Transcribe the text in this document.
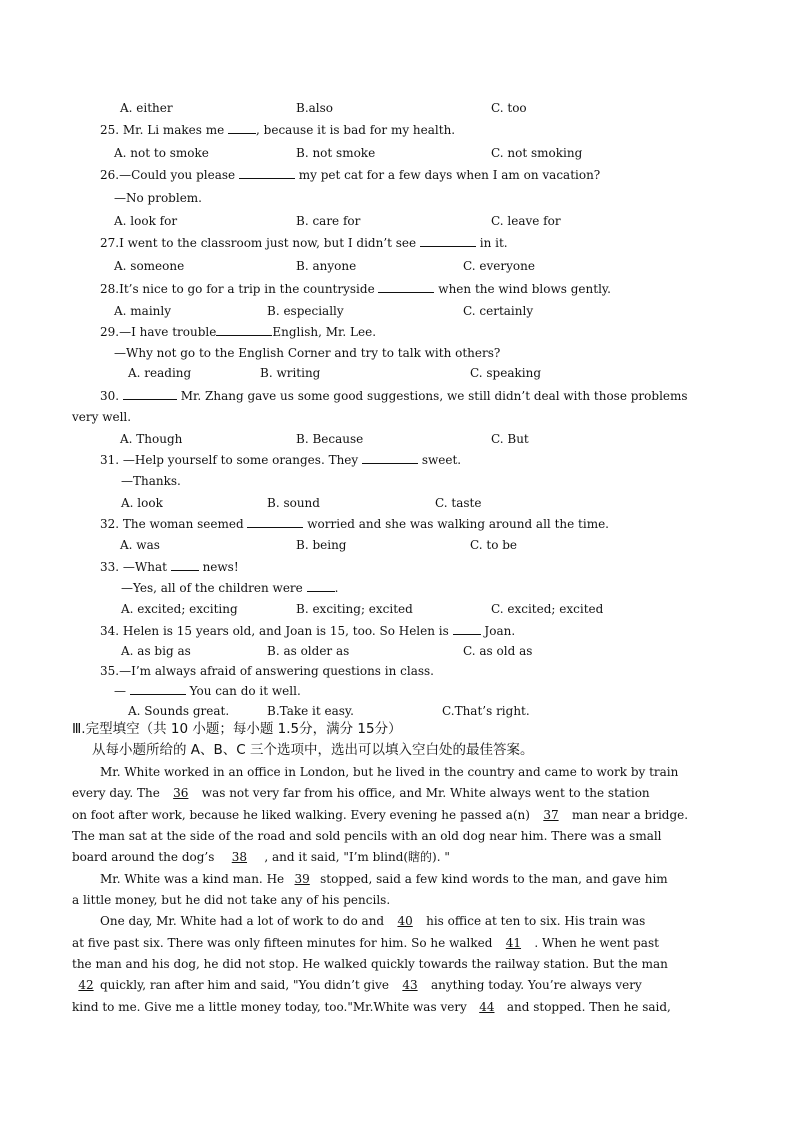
A. either	B.also	C. too
25. Mr. Li makes me , because it is bad for my health.
A. not to smoke	B. not smoke	C. not smoking
26.—Could you please	my pet cat for a few days when I am on vacation?
—No problem.
A. look for	B. care for	C. leave for
27.I went to the classroom just now, but I didn’t see	in it.
A. someone	B. anyone	C. everyone
28.It’s nice to go for a trip in the countryside	when the wind blows gently.
A. mainly	B. especially	C. certainly
29.—I have trouble	English, Mr. Lee.
—Why not go to the English Corner and try to talk with others?
A. reading	B. writing	C. speaking
30.	Mr. Zhang gave us some good suggestions, we still didn’t deal with those problems
very well.
A. Though	B. Because	C. But
31. —Help yourself to some oranges. They	sweet.
—Thanks.
A. look	B. sound	C. taste
32. The woman seemed	worried and she was walking around all the time.
A. was	B. being	C. to be
33. —What  news!
—Yes, all of the children were .
A. excited; exciting	B. exciting; excited	C. excited; excited
34. Helen is 15 years old, and Joan is 15, too. So Helen is  Joan.
A. as big as	B. as older as	C. as old as
35.—I’m always afraid of answering questions in class.
—	You can do it well.
A. Sounds great.	B.Take it easy.	C.That’s right.
Ⅲ.完型填空（共 10 小题；每小题 1.5分，满分 15分）
从每小题所给的 A、B、C 三个选项中，选出可以填入空白处的最佳答案。
Mr. White worked in an office in London, but he lived in the country and came to work by train
every day. The 36 was not very far from his office, and Mr. White always went to the station
on foot after work, because he liked walking. Every evening he passed a(n) 37 man near a bridge.
The man sat at the side of the road and sold pencils with an old dog near him. There was a small
board around the dog’s 38 , and it said, "I’m blind(瞎的). "
Mr. White was a kind man. He 39 stopped, said a few kind words to the man, and gave him
a little money, but he did not take any of his pencils.
One day, Mr. White had a lot of work to do and 40 his office at ten to six. His train was
at five past six. There was only fifteen minutes for him. So he walked 41 . When he went past
the man and his dog, he did not stop. He walked quickly towards the railway station. But the man
42 quickly, ran after him and said, "You didn’t give 43 anything today. You’re always very
kind to me. Give me a little money today, too."Mr.White was very 44 and stopped. Then he said,
